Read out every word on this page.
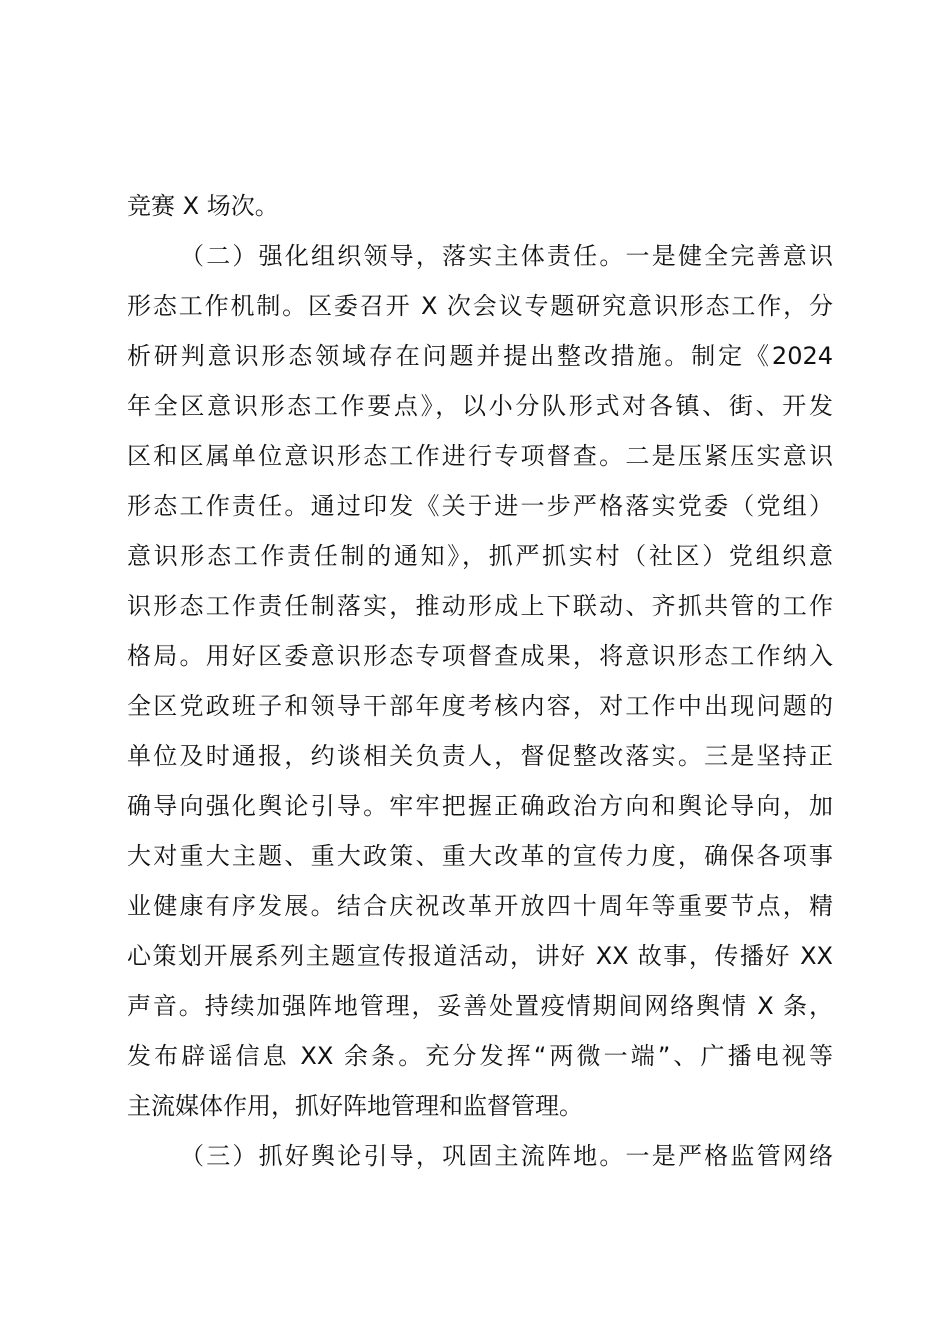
竞赛 X 场次。
（二）强化组织领导，落实主体责任。一是健全完善意识
形态工作机制。区委召开 X 次会议专题研究意识形态工作，分
析研判意识形态领域存在问题并提出整改措施。制定《2024
年全区意识形态工作要点》，以小分队形式对各镇、街、开发
区和区属单位意识形态工作进行专项督查。二是压紧压实意识
形态工作责任。通过印发《关于进一步严格落实党委（党组）
意识形态工作责任制的通知》，抓严抓实村（社区）党组织意
识形态工作责任制落实，推动形成上下联动、齐抓共管的工作
格局。用好区委意识形态专项督查成果，将意识形态工作纳入
全区党政班子和领导干部年度考核内容，对工作中出现问题的
单位及时通报，约谈相关负责人，督促整改落实。三是坚持正
确导向强化舆论引导。牢牢把握正确政治方向和舆论导向，加
大对重大主题、重大政策、重大改革的宣传力度，确保各项事
业健康有序发展。结合庆祝改革开放四十周年等重要节点，精
心策划开展系列主题宣传报道活动，讲好 XX 故事，传播好 XX
声音。持续加强阵地管理，妥善处置疫情期间网络舆情 X 条，
发布辟谣信息 XX 余条。充分发挥“两微一端”、广播电视等
主流媒体作用，抓好阵地管理和监督管理。
（三）抓好舆论引导，巩固主流阵地。一是严格监管网络
